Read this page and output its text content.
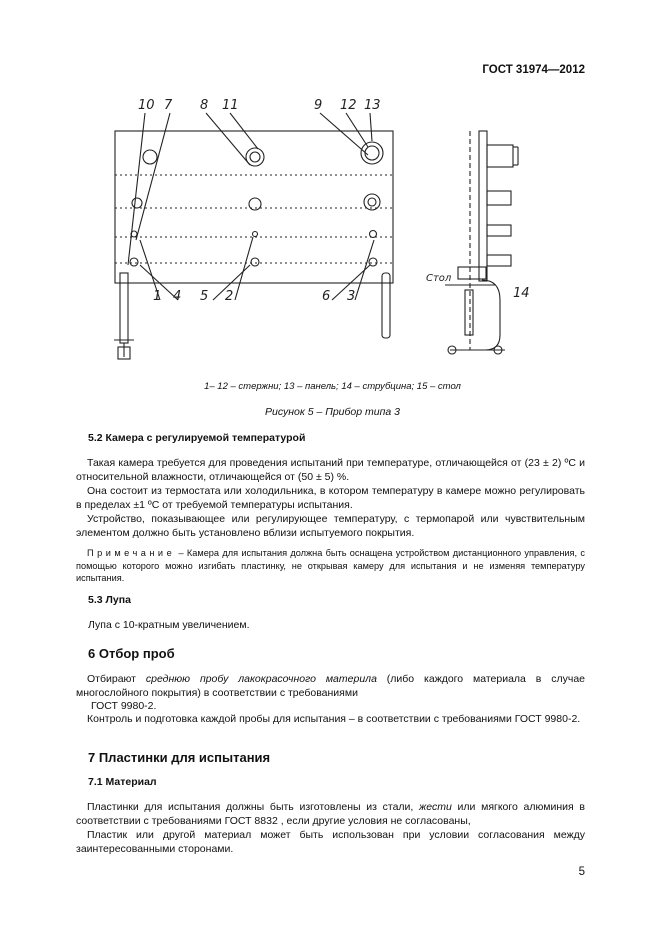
ГОСТ 31974—2012
10 7 8 11	9 12 13
1 4 5 2	6 3
Cтол
14
1– 12 – стержни; 13 – панель; 14 – струбцина; 15 – стол
Рисунок 5 – Прибор типа 3
5.2 Камера с регулируемой температурой
Такая камера требуется для проведения испытаний при температуре, отличающейся от (23 ± 2) ºС и относительной влажности, отличающейся от (50 ± 5) %.
Она состоит из термостата или холодильника, в котором температуру в камере можно регулировать в пределах ±1 ºС от требуемой температуры испытания.
Устройство, показывающее или регулирующее температуру, с термопарой или чувствительным элементом должно быть установлено вблизи испытуемого покрытия.
Примечание – Камера для испытания должна быть оснащена устройством дистанционного управления, с помощью которого можно изгибать пластинку, не открывая камеру для испытания и не изменяя температуру испытания.
5.3 Лупа
Лупа с 10-кратным увеличением.
6 Отбор проб
Отбирают среднюю пробу лакокрасочного материла (либо каждого материала в случае многослойного покрытия) в соответствии с требованиями
ГОСТ 9980-2.
Контроль и подготовка каждой пробы для испытания – в соответствии с требованиями ГОСТ 9980-2.
7 Пластинки для испытания
7.1 Материал
Пластинки для испытания должны быть изготовлены из стали, жести или мягкого алюминия в соответствии с требованиями ГОСТ 8832 , если другие условия не согласованы,
Пластик или другой материал может быть использован при условии согласования между заинтересованными сторонами.
5
